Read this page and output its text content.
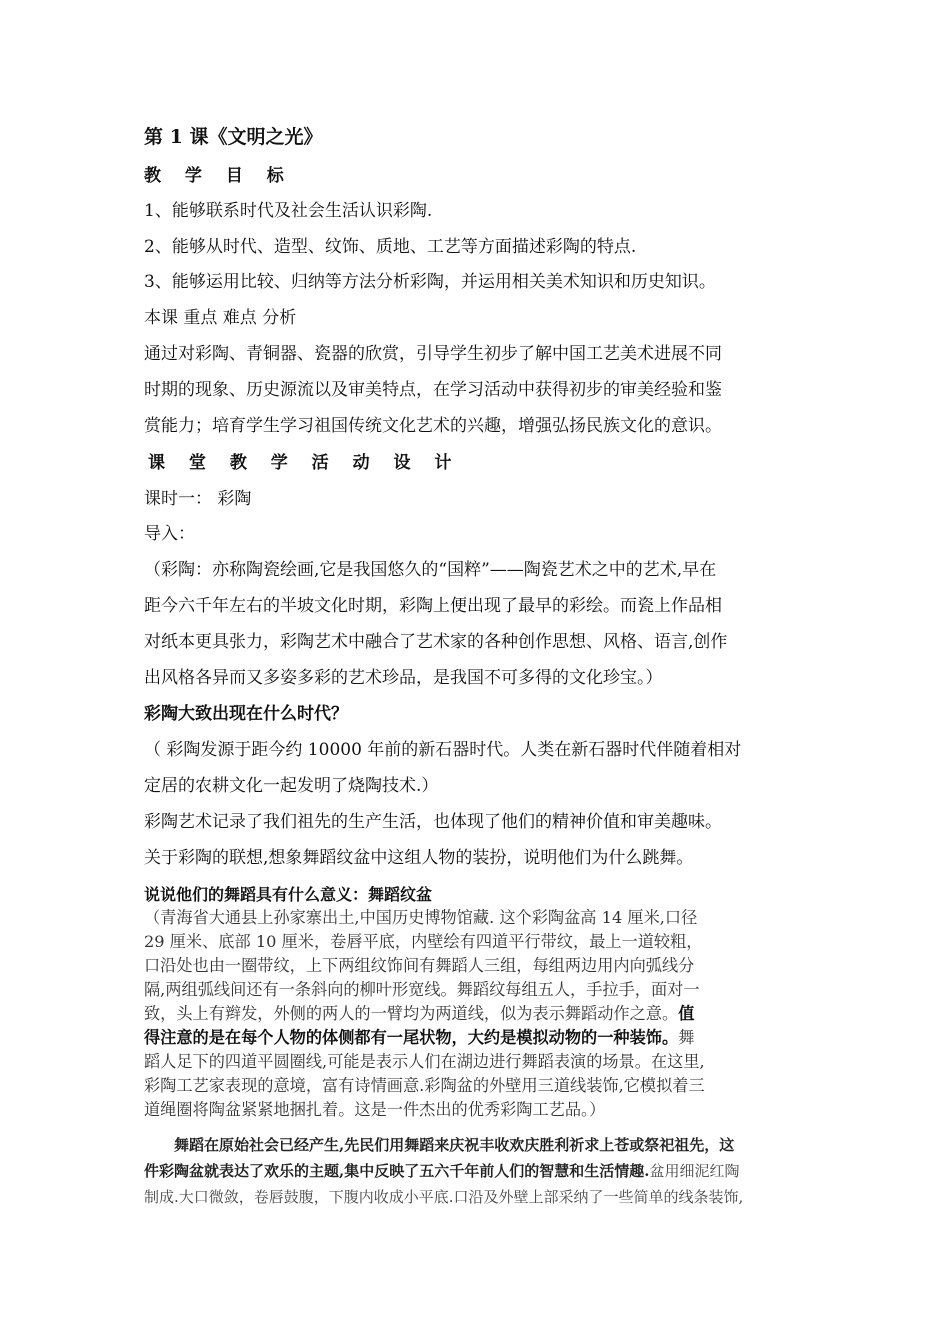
第 1 课《文明之光》
教 学 目 标
1、能够联系时代及社会生活认识彩陶.
2、能够从时代、造型、纹饰、质地、工艺等方面描述彩陶的特点.
3、能够运用比较、归纳等方法分析彩陶，并运用相关美术知识和历史知识。
本课 重点 难点 分析
通过对彩陶、青铜器、瓷器的欣赏，引导学生初步了解中国工艺美术进展不同
时期的现象、历史源流以及审美特点，在学习活动中获得初步的审美经验和鉴
赏能力；培育学生学习祖国传统文化艺术的兴趣，增强弘扬民族文化的意识。
课 堂 教 学 活 动 设 计
课时一： 彩陶
导入：
（彩陶：亦称陶瓷绘画,它是我国悠久的“国粹”——陶瓷艺术之中的艺术,早在
距今六千年左右的半坡文化时期，彩陶上便出现了最早的彩绘。而瓷上作品相
对纸本更具张力，彩陶艺术中融合了艺术家的各种创作思想、风格、语言,创作
出风格各异而又多姿多彩的艺术珍品，是我国不可多得的文化珍宝。）
彩陶大致出现在什么时代？
（ 彩陶发源于距今约 10000 年前的新石器时代。人类在新石器时代伴随着相对
定居的农耕文化一起发明了烧陶技术.）
彩陶艺术记录了我们祖先的生产生活，也体现了他们的精神价值和审美趣味。
关于彩陶的联想,想象舞蹈纹盆中这组人物的装扮，说明他们为什么跳舞。
说说他们的舞蹈具有什么意义：舞蹈纹盆
（青海省大通县上孙家寨出土,中国历史博物馆藏. 这个彩陶盆高 14 厘米,口径
29 厘米、底部 10 厘米，卷唇平底，内壁绘有四道平行带纹，最上一道较粗，
口沿处也由一圈带纹，上下两组纹饰间有舞蹈人三组，每组两边用内向弧线分
隔,两组弧线间还有一条斜向的柳叶形宽线。舞蹈纹每组五人，手拉手，面对一
致，头上有辫发，外侧的两人的一臂均为两道线，似为表示舞蹈动作之意。值
得注意的是在每个人物的体侧都有一尾状物，大约是模拟动物的一种装饰。舞
蹈人足下的四道平圆圈线,可能是表示人们在湖边进行舞蹈表演的场景。在这里,
彩陶工艺家表现的意境，富有诗情画意.彩陶盆的外壁用三道线装饰,它模拟着三
道绳圈将陶盆紧紧地捆扎着。这是一件杰出的优秀彩陶工艺品。）
舞蹈在原始社会已经产生,先民们用舞蹈来庆祝丰收欢庆胜利祈求上苍或祭祀祖先，这
件彩陶盆就表达了欢乐的主题,集中反映了五六千年前人们的智慧和生活情趣.盆用细泥红陶
制成.大口微敛，卷唇鼓腹，下腹内收成小平底.口沿及外壁上部采纳了一些简单的线条装饰,
